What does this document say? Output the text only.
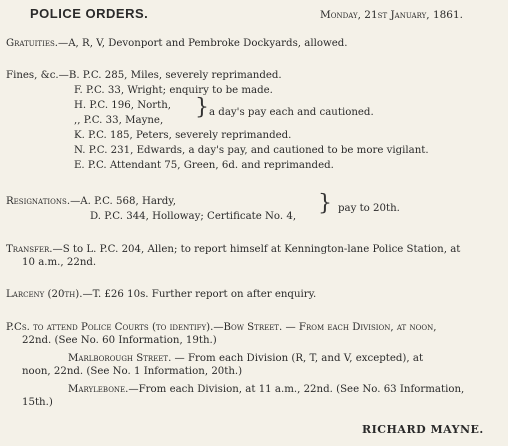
POLICE ORDERS.	Monday, 21st January, 1861.
Gratuities.—A, R, V, Devonport and Pembroke Dockyards, allowed.
Fines, &c.—B. P.C. 285, Miles, severely reprimanded.
F. P.C. 33, Wright; enquiry to be made.
H. P.C. 196, North,
,, P.C. 33, Mayne,
} a day's pay each and cautioned.
K. P.C. 185, Peters, severely reprimanded.
N. P.C. 231, Edwards, a day's pay, and cautioned to be more vigilant.
E. P.C. Attendant 75, Green, 6d. and reprimanded.
Resignations.—A. P.C. 568, Hardy,
D. P.C. 344, Holloway; Certificate No. 4,
} pay to 20th.
Transfer.—S to L. P.C. 204, Allen; to report himself at Kennington-lane Police Station, at
10 a.m., 22nd.
Larceny (20th).—T. £26 10s. Further report on after enquiry.
P.Cs. to attend Police Courts (to identify).—Bow Street. — From each Division, at noon,
22nd. (See No. 60 Information, 19th.)
Marlborough Street. — From each Division (R, T, and V, excepted), at
noon, 22nd. (See No. 1 Information, 20th.)
Marylebone.—From each Division, at 11 a.m., 22nd. (See No. 63 Information,
15th.)
RICHARD MAYNE.
